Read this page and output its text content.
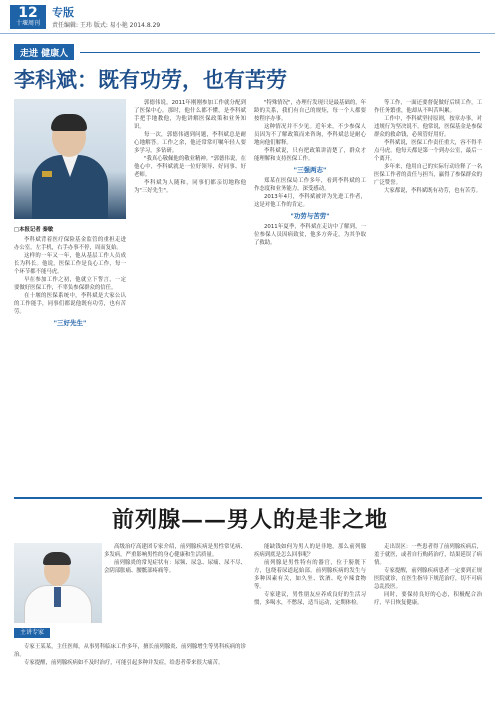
12
十堰周刊
专版
责任编辑: 王玮 版式: 易小艳 2014.8.29
走进 健康人
李科斌：既有功劳，也有苦劳

□本报记者 秦敏

李科斌背着医疗保险基金监管的重担走进办公室，左手机，右手办事不停，周而复始。

这样的一年又一年，他从基层工作人员成长为科长。他说，医保工作是良心工作，每一个环节都不能马虎。

早在参加工作之初，他就立下誓言，一定要做好医保工作，不辜负参保群众的信任。

在十堰的医保系统中，李科斌是大家公认的工作能手，同事们都说他既有功劳，也有苦劳。

"三好先生"

郭德伟说，2011年刚刚参加工作就分配到了医保中心。那时，他什么都不懂，是李科斌手把手地教他，为他讲解医保政策和业务知识。

每一次，郭德伟遇到问题，李科斌总是耐心地解答。工作之余，他还常常叮嘱年轻人要多学习，多钻研。

"我真心敬佩他的敬业精神。"郭德伟说，在他心中，李科斌就是一位好领导、好同事、好老师。

李科斌为人随和，同事们都亲切地称他为"三好先生"。

"特殊情况"，办理行发现只是最基础的，年龄的关系，我们有自己的规矩，每一个人都要按程序办事。

这种情况并不少见。近年来，不少参保人员因为不了解政策而来咨询，李科斌总是耐心地向他们解释。

李科斌说，只有把政策讲清楚了，群众才能理解和支持医保工作。

"三强两志"

郑某在医保局工作多年，看到李科斌的工作态度和业务能力，深受感动。

2013年4月，李科斌被评为先进工作者，这是对他工作的肯定。

"功劳与苦劳"

2011年夏季，李科斌在走访中了解到，一位参保人员因病致贫，他多方奔走，为其争取了救助。

等工作，一面还要督促做好后续工作，工作任务繁重，他却从不叫苦叫累。

工作中，李科斌坚持原则，按章办事，对违规行为坚决说不。他常说，医保基金是参保群众的救命钱，必须管好用好。

李科斌说，医保工作责任重大，容不得半点马虎。他每天都是第一个到办公室，最后一个离开。

多年来，他用自己的实际行动诠释了一名医保工作者的责任与担当，赢得了参保群众的广泛赞誉。

大家都说，李科斌既有功劳，也有苦劳。

前列腺——男人的是非之地
主讲专家

高级治疗高建团专家介绍，前列腺疾病是男性常见病、多发病，严重影响男性的身心健康和生活质量。

前列腺炎的常见症状有：尿频、尿急、尿痛、尿不尽、会阴部胀痛、腰骶部疼痛等。

专家王某某，主任医师，从事男科临床工作多年，擅长前列腺炎、前列腺增生等男科疾病的诊治。

专家提醒，前列腺疾病如不及时治疗，可能引起多种并发症，给患者带来很大痛苦。

能缺钱如何为男人的是非地，那么前列腺疾病到底是怎么回事呢？

前列腺是男性特有的器官，位于膀胱下方，包绕着尿道起始部。前列腺疾病的发生与多种因素有关，如久坐、饮酒、吃辛辣食物等。

专家建议，男性朋友应养成良好的生活习惯，多喝水，不憋尿，适当运动，定期体检。

走出误区：一些患者得了前列腺疾病后，羞于就医，或者自行购药治疗，结果延误了病情。

专家提醒，前列腺疾病患者一定要到正规医院就诊，在医生指导下规范治疗，切不可病急乱投医。

同时，要保持良好的心态，积极配合治疗，早日恢复健康。
